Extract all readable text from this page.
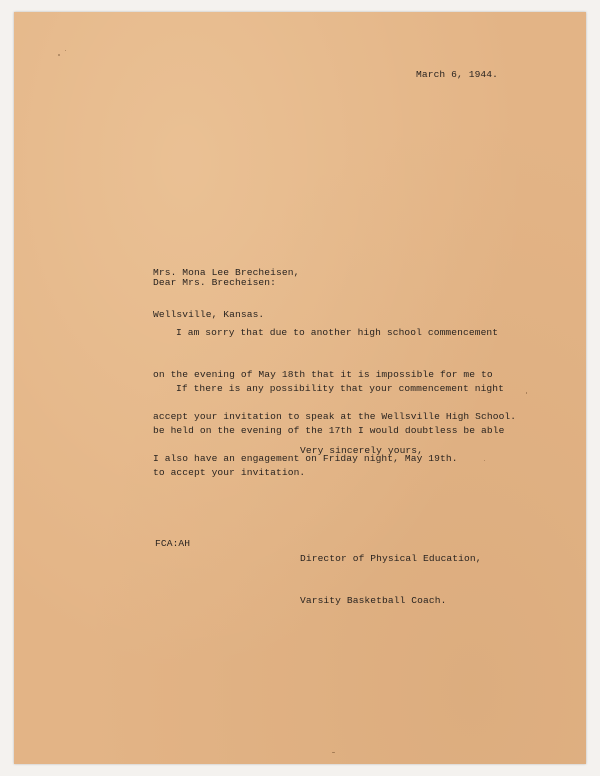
March 6, 1944.

Mrs. Mona Lee Brecheisen,

Wellsville, Kansas.

Dear Mrs. Brecheisen:

I am sorry that due to another high school commencement

on the evening of May 18th that it is impossible for me to

accept your invitation to speak at the Wellsville High School.

I also have an engagement on Friday night, May 19th.

If there is any possibility that your commencement night

be held on the evening of the 17th I would doubtless be able

to accept your invitation.

Very sincerely yours,
FCA:AH

Director of Physical Education,

Varsity Basketball Coach.
